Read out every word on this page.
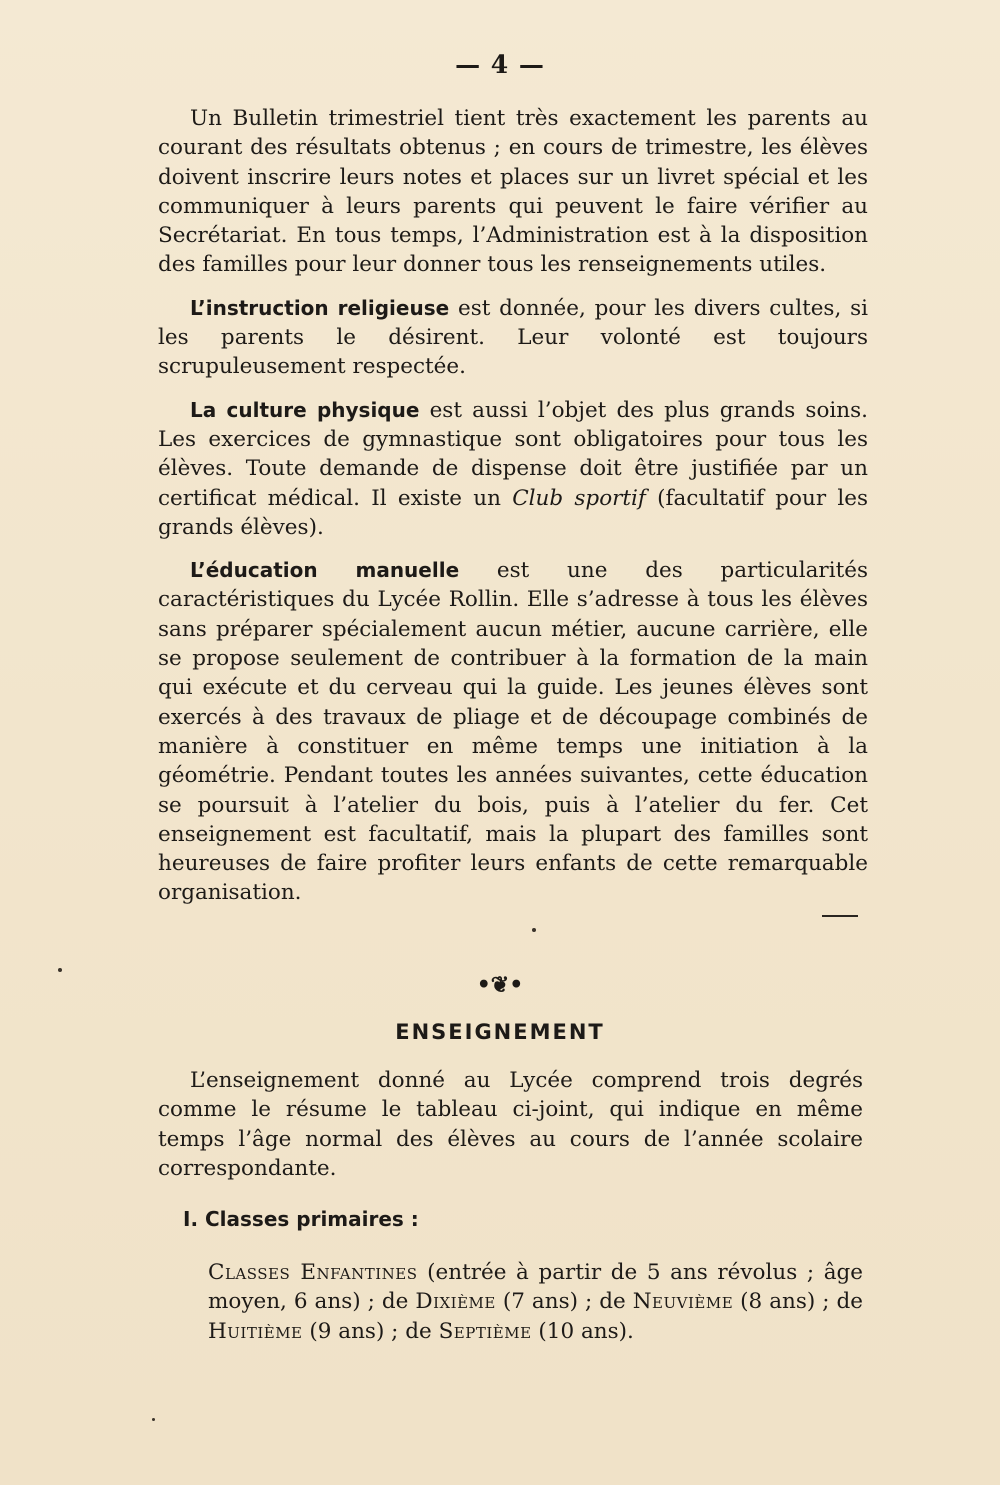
— 4 —

Un Bulletin trimestriel tient très exactement les parents au courant des résultats obtenus ; en cours de trimestre, les élèves doivent inscrire leurs notes et places sur un livret spécial et les communiquer à leurs parents qui peuvent le faire vérifier au Secrétariat. En tous temps, l’Administration est à la disposition des familles pour leur donner tous les renseignements utiles.

L’instruction religieuse est donnée, pour les divers cultes, si les parents le désirent. Leur volonté est toujours scrupuleusement respectée.

La culture physique est aussi l’objet des plus grands soins. Les exercices de gymnastique sont obligatoires pour tous les élèves. Toute demande de dispense doit être justifiée par un certificat médical. Il existe un Club sportif (facultatif pour les grands élèves).

L’éducation manuelle est une des particularités caractéristiques du Lycée Rollin. Elle s’adresse à tous les élèves sans préparer spécialement aucun métier, aucune carrière, elle se propose seulement de contribuer à la formation de la main qui exécute et du cerveau qui la guide. Les jeunes élèves sont exercés à des travaux de pliage et de découpage combinés de manière à constituer en même temps une initiation à la géométrie. Pendant toutes les années suivantes, cette éducation se poursuit à l’atelier du bois, puis à l’atelier du fer. Cet enseignement est facultatif, mais la plupart des familles sont heureuses de faire profiter leurs enfants de cette remarquable organisation.

•❦•
ENSEIGNEMENT

L’enseignement donné au Lycée comprend trois degrés comme le résume le tableau ci-joint, qui indique en même temps l’âge normal des élèves au cours de l’année scolaire correspondante.

I. Classes primaires :

Classes Enfantines (entrée à partir de 5 ans révolus ; âge moyen, 6 ans) ; de Dixième (7 ans) ; de Neuvième (8 ans) ; de Huitième (9 ans) ; de Septième (10 ans).
